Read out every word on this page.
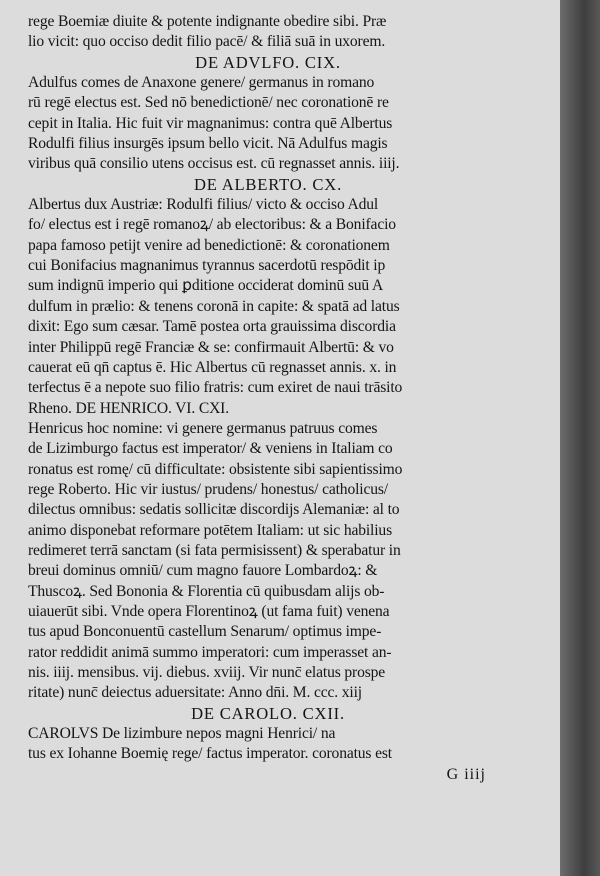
rege Boemiæ diuite & potente indignante obedire sibi. Præ
lio vicit: quo occiso dedit filio pacē/ & filiā suā in uxorem.
DE ADVLFO. CIX.
Adulfus comes de Anaxone genere/ germanus in romano
rū regē electus est. Sed nō benedictionē/ nec coronationē re
cepit in Italia. Hic fuit vir magnanimus: contra quē Albertus
Rodulfi filius insurgēs ipsum bello vicit. Nā Adulfus magis
viribus quā consilio utens occisus est. cū regnasset annis. iiij.
DE ALBERTO. CX.
Albertus dux Austriæ: Rodulfi filius/ victo & occiso Adul
fo/ electus est i regē romanoꝝ/ ab electoribus: & a Bonifacio
papa famoso petijt venire ad benedictionē: & coronationem
cui Bonifacius magnanimus tyrannus sacerdotū respōdit ip
sum indignū imperio qui ꝑditione occiderat dominū suū A
dulfum in prælio: & tenens coronā in capite: & spatā ad latus
dixit: Ego sum cæsar. Tamē postea orta grauissima discordia
inter Philippū regē Franciæ & se: confirmauit Albertū: & vo
cauerat eū qn̄ captus ē. Hic Albertus cū regnasset annis. x. in
terfectus ē a nepote suo filio fratris: cum exiret de naui trāsito
Rheno. DE HENRICO. VI. CXI.
Henricus hoc nomine: vi genere germanus patruus comes
de Lizimburgo factus est imperator/ & veniens in Italiam co
ronatus est romę/ cū difficultate: obsistente sibi sapientissimo
rege Roberto. Hic vir iustus/ prudens/ honestus/ catholicus/
dilectus omnibus: sedatis sollicitæ discordijs Alemaniæ: al to
animo disponebat reformare potētem Italiam: ut sic habilius
redimeret terrā sanctam (si fata permisissent) & sperabatur in
breui dominus omniū/ cum magno fauore Lombardoꝝ: &
Thuscoꝝ. Sed Bononia & Florentia cū quibusdam alijs ob-
uiauerūt sibi. Vnde opera Florentinoꝝ (ut fama fuit) venena
tus apud Bonconuentū castellum Senarum/ optimus impe-
rator reddidit animā summo imperatori: cum imperasset an-
nis. iiij. mensibus. vij. diebus. xviij. Vir nunc̄ elatus prospe
ritate) nunc̄ deiectus aduersitate: Anno dn̄i. M. ccc. xiij
DE CAROLO. CXII.
CAROLVS De lizimbure nepos magni Henrici/ na
tus ex Iohanne Boemię rege/ factus imperator. coronatus est
G iiij
